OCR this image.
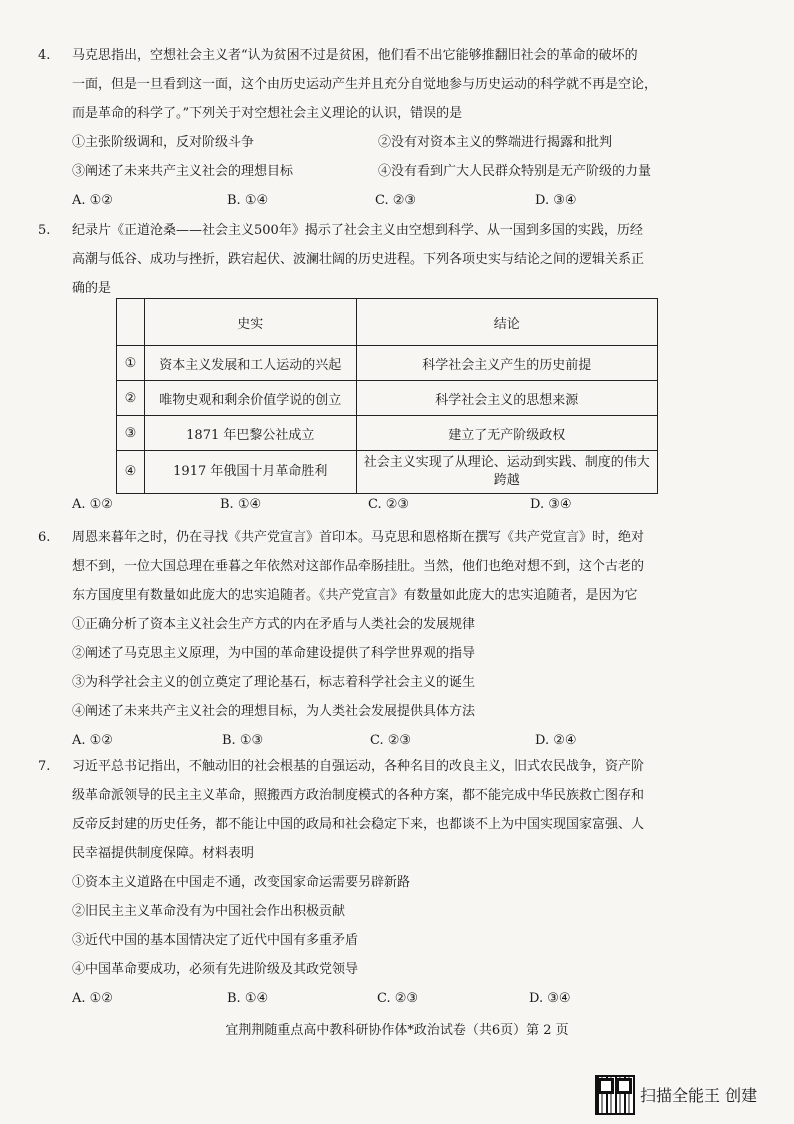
4. 马克思指出，空想社会主义者“认为贫困不过是贫困，他们看不出它能够推翻旧社会的革命的破坏的
一面，但是一旦看到这一面，这个由历史运动产生并且充分自觉地参与历史运动的科学就不再是空论，
而是革命的科学了。”下列关于对空想社会主义理论的认识，错误的是
①主张阶级调和，反对阶级斗争	②没有对资本主义的弊端进行揭露和批判
③阐述了未来共产主义社会的理想目标	④没有看到广大人民群众特别是无产阶级的力量
A. ①②	B. ①④	C. ②③	D. ③④
5. 纪录片《正道沧桑——社会主义500年》揭示了社会主义由空想到科学、从一国到多国的实践，历经
高潮与低谷、成功与挫折，跌宕起伏、波澜壮阔的历史进程。下列各项史实与结论之间的逻辑关系正
确的是
	史实	结论
①	资本主义发展和工人运动的兴起	科学社会主义产生的历史前提
②	唯物史观和剩余价值学说的创立	科学社会主义的思想来源
③	1871 年巴黎公社成立	建立了无产阶级政权
④	1917 年俄国十月革命胜利	社会主义实现了从理论、运动到实践、制度的伟大跨越
A. ①②	B. ①④	C. ②③	D. ③④
6. 周恩来暮年之时，仍在寻找《共产党宣言》首印本。马克思和恩格斯在撰写《共产党宣言》时，绝对
想不到，一位大国总理在垂暮之年依然对这部作品牵肠挂肚。当然，他们也绝对想不到，这个古老的
东方国度里有数量如此庞大的忠实追随者。《共产党宣言》有数量如此庞大的忠实追随者，是因为它
①正确分析了资本主义社会生产方式的内在矛盾与人类社会的发展规律
②阐述了马克思主义原理，为中国的革命建设提供了科学世界观的指导
③为科学社会主义的创立奠定了理论基石，标志着科学社会主义的诞生
④阐述了未来共产主义社会的理想目标，为人类社会发展提供具体方法
A. ①②	B. ①③	C. ②③	D. ②④
7. 习近平总书记指出，不触动旧的社会根基的自强运动，各种名目的改良主义，旧式农民战争，资产阶
级革命派领导的民主主义革命，照搬西方政治制度模式的各种方案，都不能完成中华民族救亡图存和
反帝反封建的历史任务，都不能让中国的政局和社会稳定下来，也都谈不上为中国实现国家富强、人
民幸福提供制度保障。材料表明
①资本主义道路在中国走不通，改变国家命运需要另辟新路
②旧民主主义革命没有为中国社会作出积极贡献
③近代中国的基本国情决定了近代中国有多重矛盾
④中国革命要成功，必须有先进阶级及其政党领导
A. ①②	B. ①④	C. ②③	D. ③④
宜荆荆随重点高中教科研协作体*政治试卷（共6页）第 2 页
扫描全能王 创建
